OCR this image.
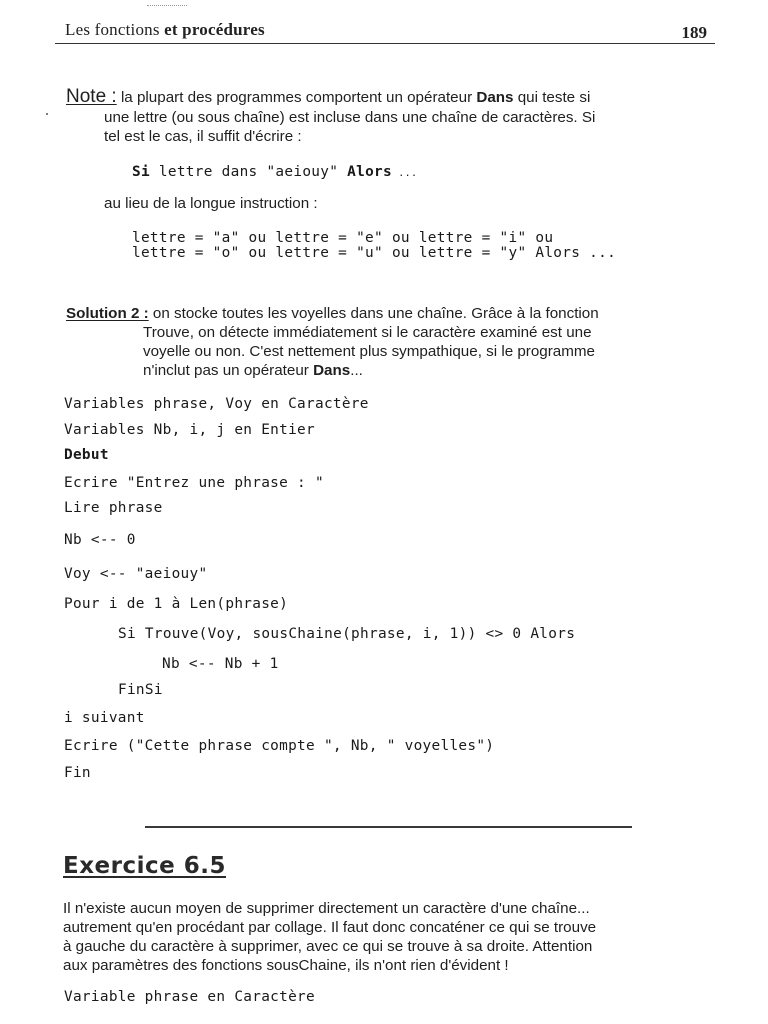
Les fonctions et procédures	189
Note : la plupart des programmes comportent un opérateur Dans qui teste si
une lettre (ou sous chaîne) est incluse dans une chaîne de caractères. Si
tel est le cas, il suffit d'écrire :
Si lettre dans "aeiouy" Alors ...
au lieu de la longue instruction :
lettre = "a" ou lettre = "e" ou lettre = "i" ou
lettre = "o" ou lettre = "u" ou lettre = "y" Alors ...
Solution 2 : on stocke toutes les voyelles dans une chaîne. Grâce à la fonction
Trouve, on détecte immédiatement si le caractère examiné est une
voyelle ou non. C'est nettement plus sympathique, si le programme
n'inclut pas un opérateur Dans...
Variables phrase, Voy en Caractère
Variables Nb, i, j en Entier
Debut
Ecrire "Entrez une phrase : "
Lire phrase
Nb <-- 0
Voy <-- "aeiouy"
Pour i de 1 à Len(phrase)
Si Trouve(Voy, sousChaine(phrase, i, 1)) <> 0 Alors
Nb <-- Nb + 1
FinSi
i suivant
Ecrire ("Cette phrase compte ", Nb, " voyelles")
Fin
Exercice 6.5
Il n'existe aucun moyen de supprimer directement un caractère d'une chaîne...
autrement qu'en procédant par collage. Il faut donc concaténer ce qui se trouve
à gauche du caractère à supprimer, avec ce qui se trouve à sa droite. Attention
aux paramètres des fonctions sousChaine, ils n'ont rien d'évident !
Variable phrase en Caractère
